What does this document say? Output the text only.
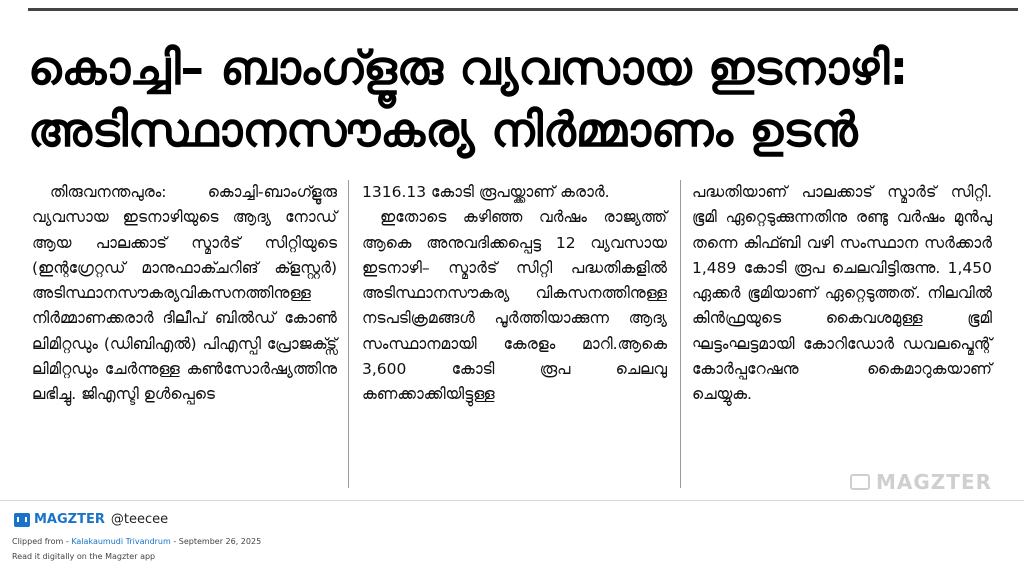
കൊച്ചി– ബാംഗ്ളൂരു വ്യവസായ ഇടനാഴി:
അടിസ്ഥാനസൗകര്യ നിർമ്മാണം ഉടൻ

തിരുവനന്തപുരം: കൊച്ചി-ബാംഗ്ളൂരു വ്യവസായ ഇടനാഴിയുടെ ആദ്യ നോഡ് ആയ പാലക്കാട് സ്മാർട് സിറ്റിയുടെ (ഇന്റഗ്രേറ്റഡ് മാനുഫാക്ചറിങ് ക്ളസ്റ്റർ) അടിസ്ഥാനസൗകര്യവികസനത്തിനുള്ള നിർമ്മാണക്കരാർ ദിലീപ് ബിൽഡ് കോൺ ലിമിറ്റഡും (ഡിബിഎൽ) പിഎസ്പി പ്രോജക്ട്സ് ലിമിറ്റഡും ചേർന്നുള്ള കൺസോർഷ്യത്തിനു ലഭിച്ചു. ജിഎസ്ടി ഉൾപ്പെടെ

1316.13 കോടി രൂപയ്ക്കാണ് കരാർ.

ഇതോടെ കഴിഞ്ഞ വർഷം രാജ്യത്ത് ആകെ അനുവദിക്കപ്പെട്ട 12 വ്യവസായ ഇടനാഴി– സ്മാർട് സിറ്റി പദ്ധതികളിൽ അടിസ്ഥാനസൗകര്യ വികസനത്തിനുള്ള നടപടിക്രമങ്ങൾ പൂർത്തിയാക്കുന്ന ആദ്യ സംസ്ഥാനമായി കേരളം മാറി.ആകെ 3,600 കോടി രൂപ ചെലവു കണക്കാക്കിയിട്ടുള്ള

പദ്ധതിയാണ് പാലക്കാട് സ്മാർട് സിറ്റി. ഭൂമി ഏറ്റെടുക്കുന്നതിനു രണ്ടു വർഷം മുൻപു തന്നെ കിഫ്ബി വഴി സംസ്ഥാന സർക്കാർ 1,489 കോടി രൂപ ചെലവിട്ടിരുന്നു. 1,450 ഏക്കർ ഭൂമിയാണ് ഏറ്റെടുത്തത്. നിലവിൽ കിൻഫ്രയുടെ കൈവശമുള്ള ഭൂമി ഘട്ടംഘട്ടമായി കോറിഡോർ ഡവലപ്മെന്റ് കോർപ്പറേഷനു കൈമാറുകയാണ് ചെയ്യുക.

MAGZTER
MAGZTER @teecee
Clipped from - Kalakaumudi Trivandrum - September 26, 2025
Read it digitally on the Magzter app
